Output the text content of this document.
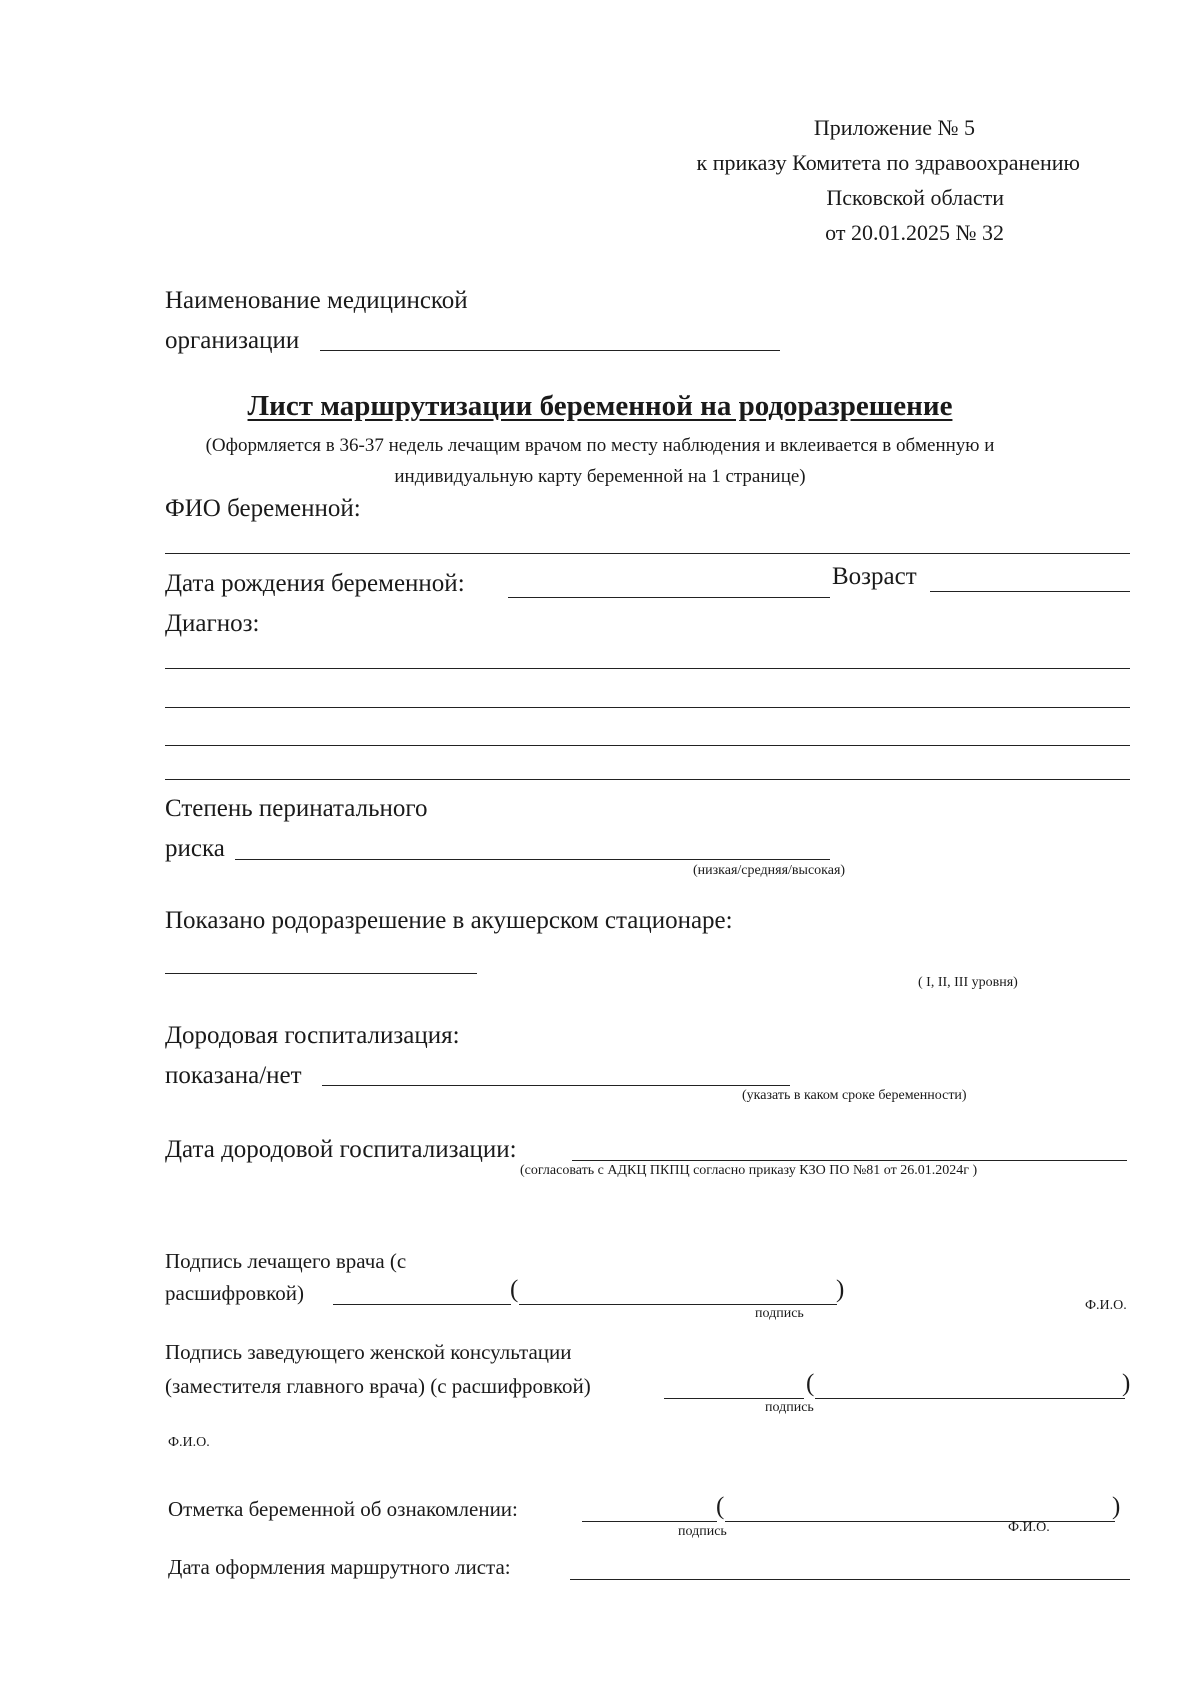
Приложение № 5
к приказу Комитета по здравоохранению
Псковской области
от 20.01.2025 № 32
Наименование медицинской
организации
Лист маршрутизации беременной на родоразрешение
(Оформляется в 36-37 недель лечащим врачом по месту наблюдения и вклеивается в обменную и
индивидуальную карту беременной на 1 странице)
ФИО беременной:
Дата рождения беременной:	Возраст
Диагноз:
Степень перинатального
риска
(низкая/средняя/высокая)
Показано родоразрешение в акушерском стационаре:
( I, II, III уровня)
Дородовая госпитализация:
показана/нет
(указать в каком сроке беременности)
Дата дородовой госпитализации:
(согласовать с АДКЦ ПКПЦ согласно приказу КЗО ПО №81 от 26.01.2024г )
Подпись лечащего врача (с
расшифровкой)	(	)
подпись
Ф.И.О.
Подпись заведующего женской консультации
(заместителя главного врача) (с расшифровкой)	(	)
подпись
Ф.И.О.
Отметка беременной об ознакомлении:	(	)
подпись	Ф.И.О.
Дата оформления маршрутного листа:
